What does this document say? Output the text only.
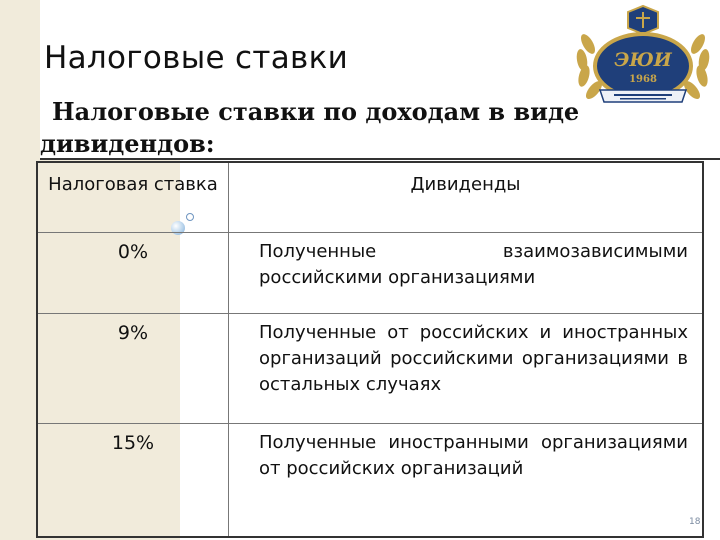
Налоговые ставки
Налоговые ставки по доходам в виде
дивидендов:
ЭЮИ
1968
Налоговая ставка	Дивиденды

0%	Полученные взаимозависимыми российскими организациями
9%	Полученные от российских и иностранных организаций российскими организациями в остальных случаях
15%	Полученные иностранными организациями от российских организаций
18
